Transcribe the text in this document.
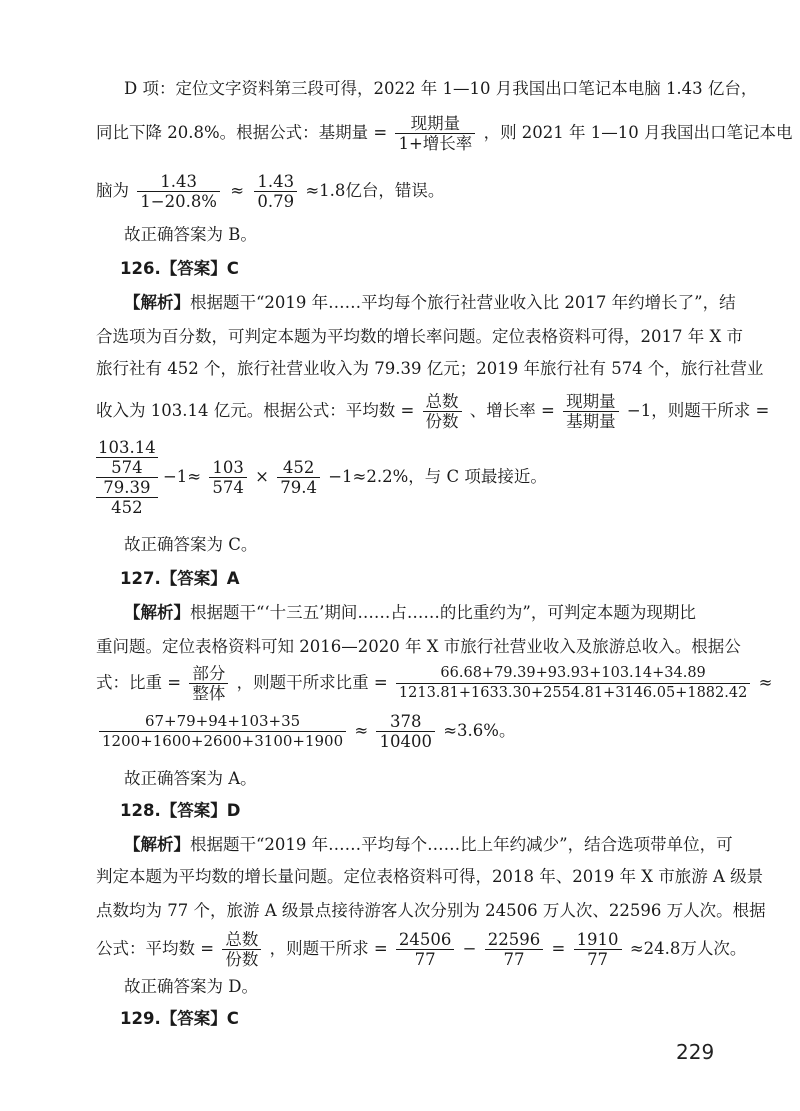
D 项：定位文字资料第三段可得，2022 年 1—10 月我国出口笔记本电脑 1.43 亿台，
同比下降 20.8%。根据公式：基期量 = $\frac{\text{现期量}}{\text{1+增长率}}$ ，则 2021 年 1—10 月我国出口笔记本电
脑为 $\frac{1.43}{1-20.8\%} \approx \frac{1.43}{0.79} \approx 1.8$亿台，错误。
故正确答案为 B。
126.【答案】C
【解析】根据题干“2019 年……平均每个旅行社营业收入比 2017 年约增长了”，结
合选项为百分数，可判定本题为平均数的增长率问题。定位表格资料可得，2017 年 X 市
旅行社有 452 个，旅行社营业收入为 79.39 亿元；2019 年旅行社有 574 个，旅行社营业
收入为 103.14 亿元。根据公式：平均数 = $\frac{\text{总数}}{\text{份数}}$ 、增长率 = $\frac{\text{现期量}}{\text{基期量}} -1$，则题干所求 =
103.14
574
79.39
452
$-1\approx \frac{103}{574} \times \frac{452}{79.4} -1\approx 2.2\%$，与 C 项最接近。
故正确答案为 C。
127.【答案】A
【解析】根据题干“‘十三五’期间……占……的比重约为”，可判定本题为现期比
重问题。定位表格资料可知 2016—2020 年 X 市旅行社营业收入及旅游总收入。根据公
式：比重 = $\frac{\text{部分}}{\text{整体}}$ ，则题干所求比重 = $\frac{66.68+79.39+93.93+103.14+34.89}{1213.81+1633.30+2554.81+3146.05+1882.42}$ ≈
$\frac{67+79+94+103+35}{1200+1600+2600+3100+1900} \approx \frac{378}{10400} \approx 3.6\%$。
故正确答案为 A。
128.【答案】D
【解析】根据题干“2019 年……平均每个……比上年约减少”，结合选项带单位，可
判定本题为平均数的增长量问题。定位表格资料可得，2018 年、2019 年 X 市旅游 A 级景
点数均为 77 个，旅游 A 级景点接待游客人次分别为 24506 万人次、22596 万人次。根据
公式：平均数 = $\frac{\text{总数}}{\text{份数}}$ ，则题干所求 = $\frac{24506}{77} - \frac{22596}{77} = \frac{1910}{77} \approx 24.8$万人次。
故正确答案为 D。
129.【答案】C
229
